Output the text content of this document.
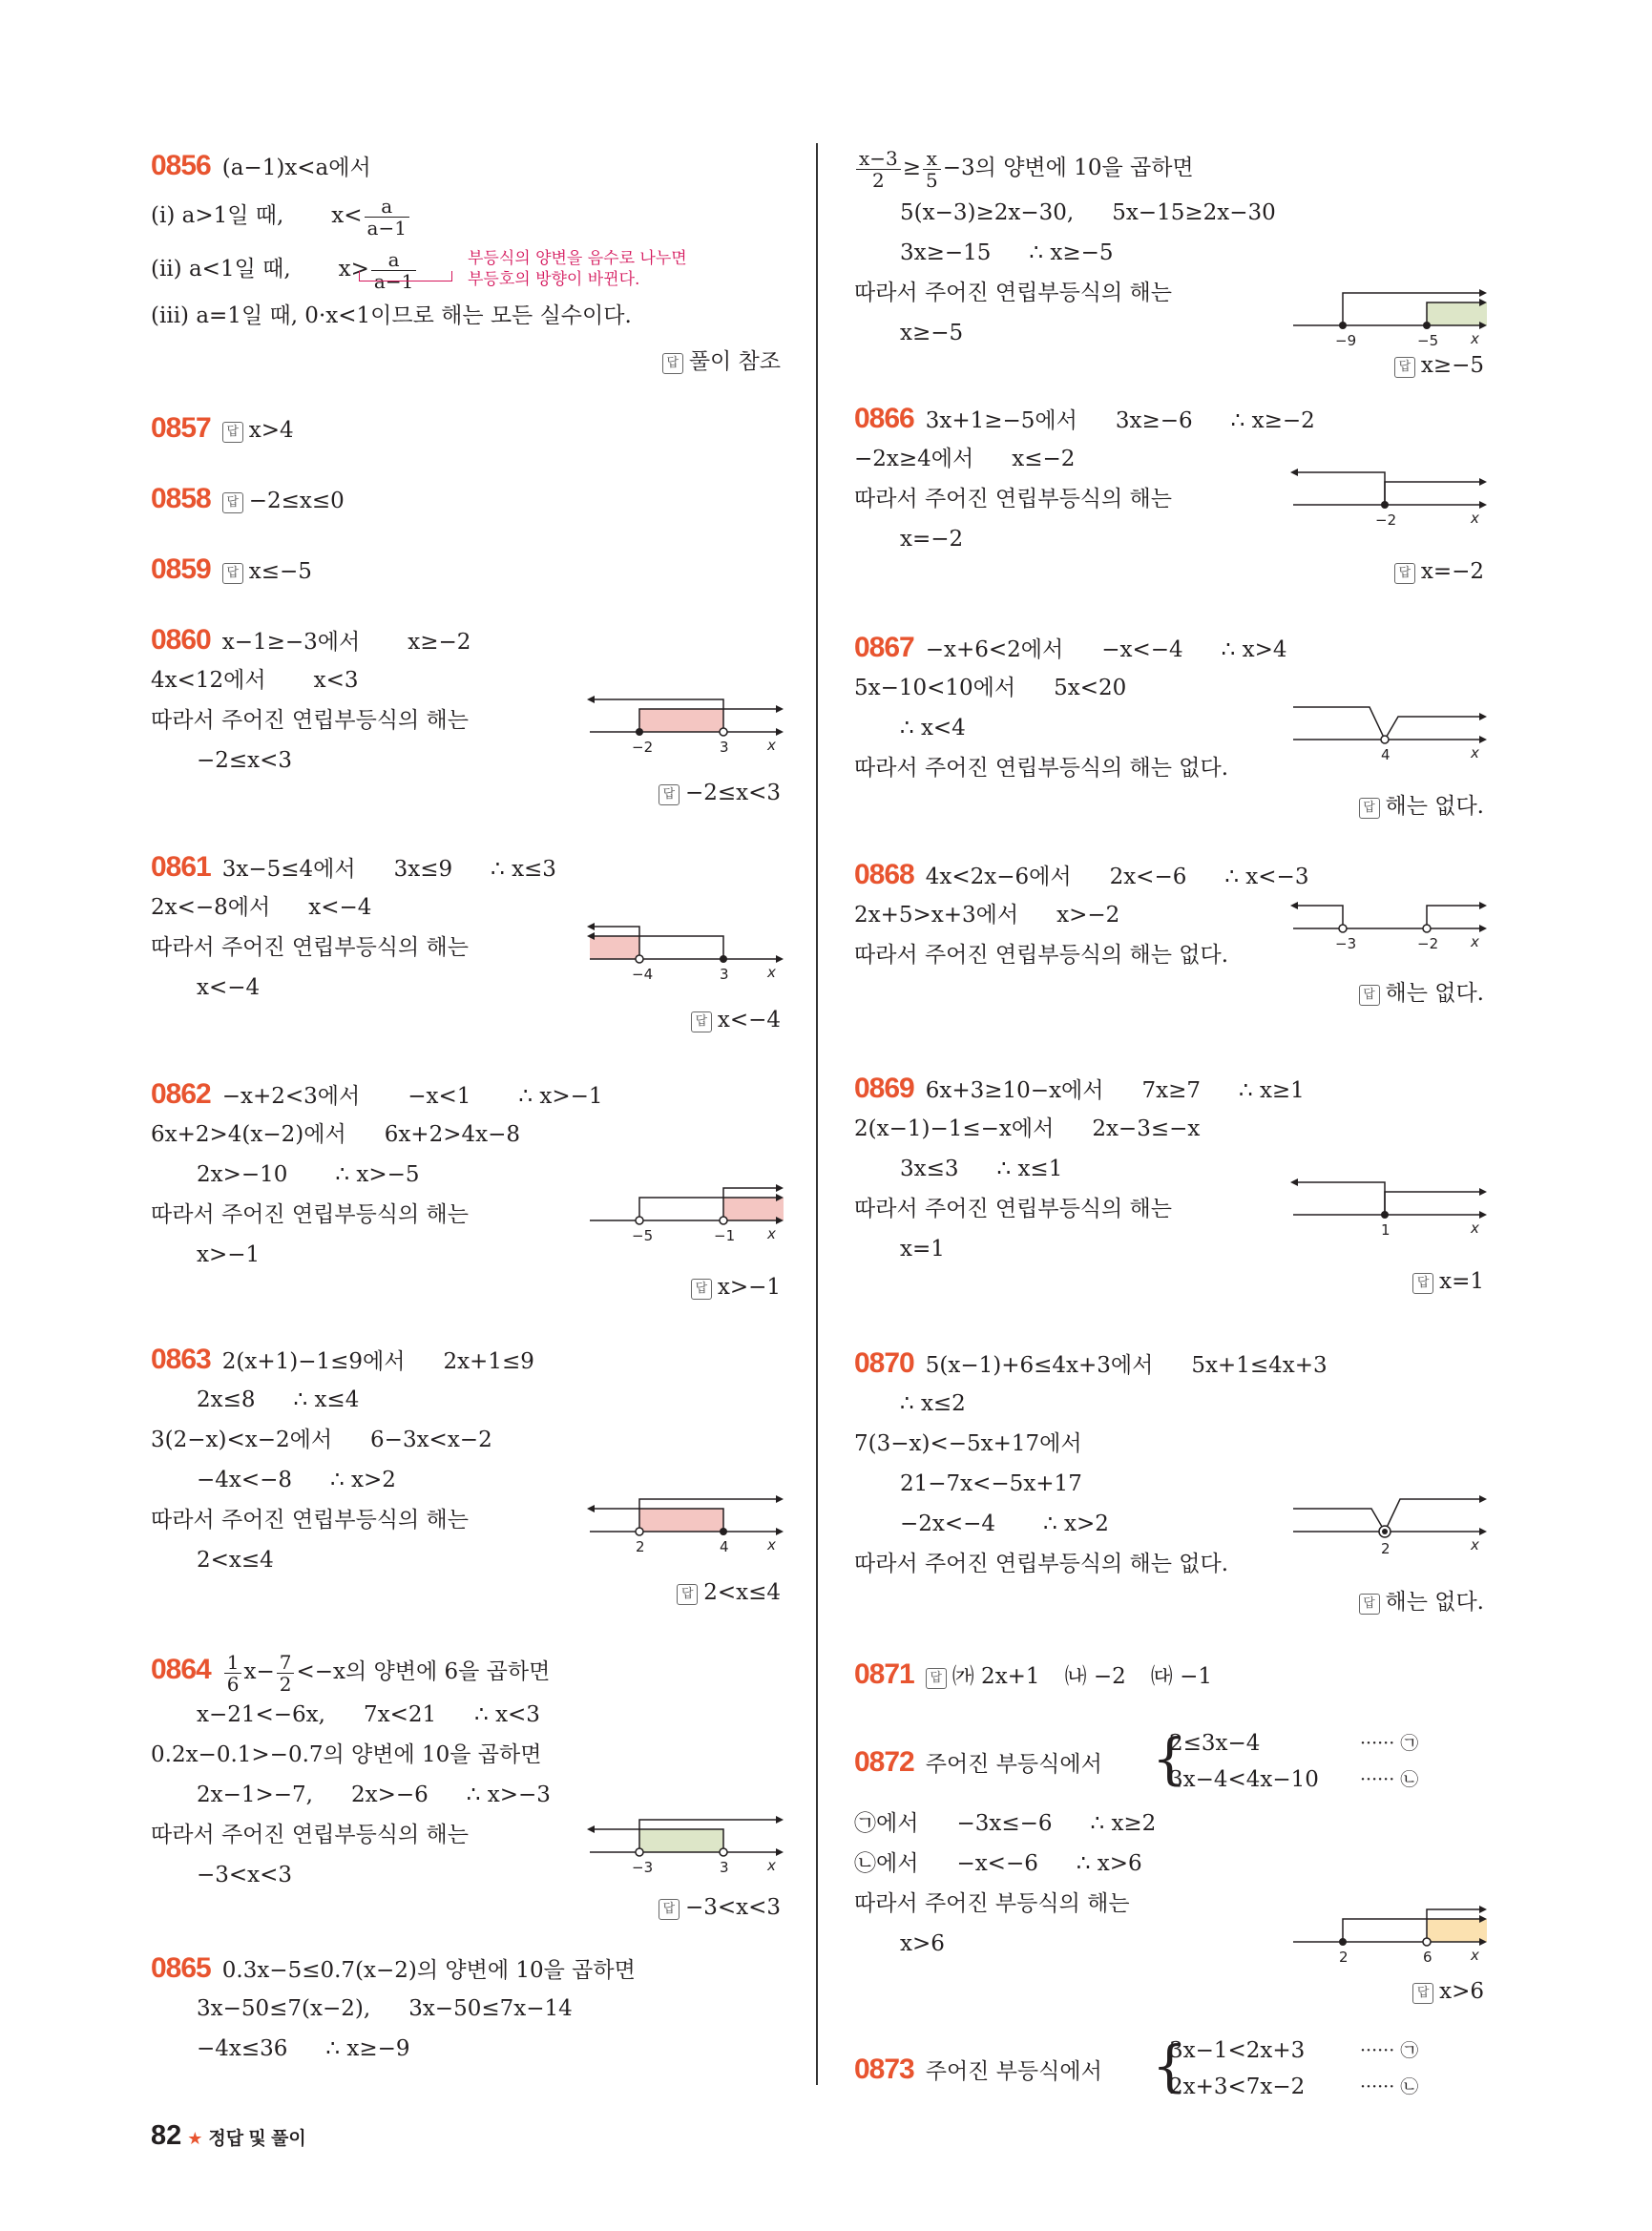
0856 (a−1)x<a에서
(ⅰ) a>1일 때, $x< \frac{a}{a-1}$
(ⅱ) a<1일 때, $x> \frac{a}{a-1}$	부등식의 양변을 음수로 나누면
부등호의 방향이 바뀐다.
(ⅲ) a=1일 때, 0·x<1이므로 해는 모든 실수이다.
답 풀이 참조
0857 답 x>4
0858 답 −2≤x≤0
0859 답 x≤−5
0860 x−1≥−3에서 x≥−2
4x<12에서 x<3
따라서 주어진 연립부등식의 해는
−2≤x<3
−2	3	x
답 −2≤x<3
0861 3x−5≤4에서 3x≤9 ∴ x≤3
2x<−8에서 x<−4
따라서 주어진 연립부등식의 해는
x<−4
−4	3	x
답 x<−4
0862 −x+2<3에서 −x<1 ∴ x>−1
6x+2>4(x−2)에서 6x+2>4x−8
2x>−10 ∴ x>−5
따라서 주어진 연립부등식의 해는
x>−1
−5	−1 x
답 x>−1
0863 2(x+1)−1≤9에서 2x+1≤9
2x≤8 ∴ x≤4
3(2−x)<x−2에서 6−3x<x−2
−4x<−8 ∴ x>2
따라서 주어진 연립부등식의 해는
2<x≤4
2	4	x
답 2<x≤4
$0864 \frac{1}{6} x- \frac{7}{2} <-x$의 양변에 6을 곱하면
x−21<−6x, 7x<21 ∴ x<3
0.2x−0.1>−0.7의 양변에 10을 곱하면
2x−1>−7, 2x>−6 ∴ x>−3
따라서 주어진 연립부등식의 해는
−3<x<3	−3	3	x
답 −3<x<3
0865 0.3x−5≤0.7(x−2)의 양변에 10을 곱하면
3x−50≤7(x−2), 3x−50≤7x−14
−4x≤36 ∴ x≥−9
$\frac{x-3}{2} \ge \frac{x}{5} -3$의 양변에 10을 곱하면
5(x−3)≥2x−30, 5x−15≥2x−30
3x≥−15 ∴ x≥−5
따라서 주어진 연립부등식의 해는
x≥−5	−9	−5 x
답 x≥−5
0866 3x+1≥−5에서 3x≥−6 ∴ x≥−2
−2x≥4에서 x≤−2
따라서 주어진 연립부등식의 해는
x=−2
−2	x
답 x=−2
0867 −x+6<2에서 −x<−4 ∴ x>4
5x−10<10에서 5x<20
∴ x<4
따라서 주어진 연립부등식의 해는 없다.
4	x
답 해는 없다.
0868 4x<2x−6에서 2x<−6 ∴ x<−3
2x+5>x+3에서 x>−2
따라서 주어진 연립부등식의 해는 없다.	−3	−2 x
답 해는 없다.
0869 6x+3≥10−x에서 7x≥7 ∴ x≥1
2(x−1)−1≤−x에서 2x−3≤−x
3x≤3 ∴ x≤1
따라서 주어진 연립부등식의 해는
x=1
1	x
답 x=1
0870 5(x−1)+6≤4x+3에서 5x+1≤4x+3
∴ x≤2
7(3−x)<−5x+17에서
21−7x<−5x+17
−2x<−4 ∴ x>2
따라서 주어진 연립부등식의 해는 없다.
2	x
답 해는 없다.
0871 답 ㈎ 2x+1 ㈏ −2 ㈐ −1
0872 주어진 부등식에서 {
2≤3x−4
3x−4<4x−10
······ ㉠
······ ㉡
㉠에서 −3x≤−6 ∴ x≥2
㉡에서 −x<−6 ∴ x>6
따라서 주어진 부등식의 해는
x>6
2	6	x
답 x>6
0873 주어진 부등식에서 {
3x−1<2x+3
2x+3<7x−2
······ ㉠
······ ㉡
82 ★ 정답 및 풀이
